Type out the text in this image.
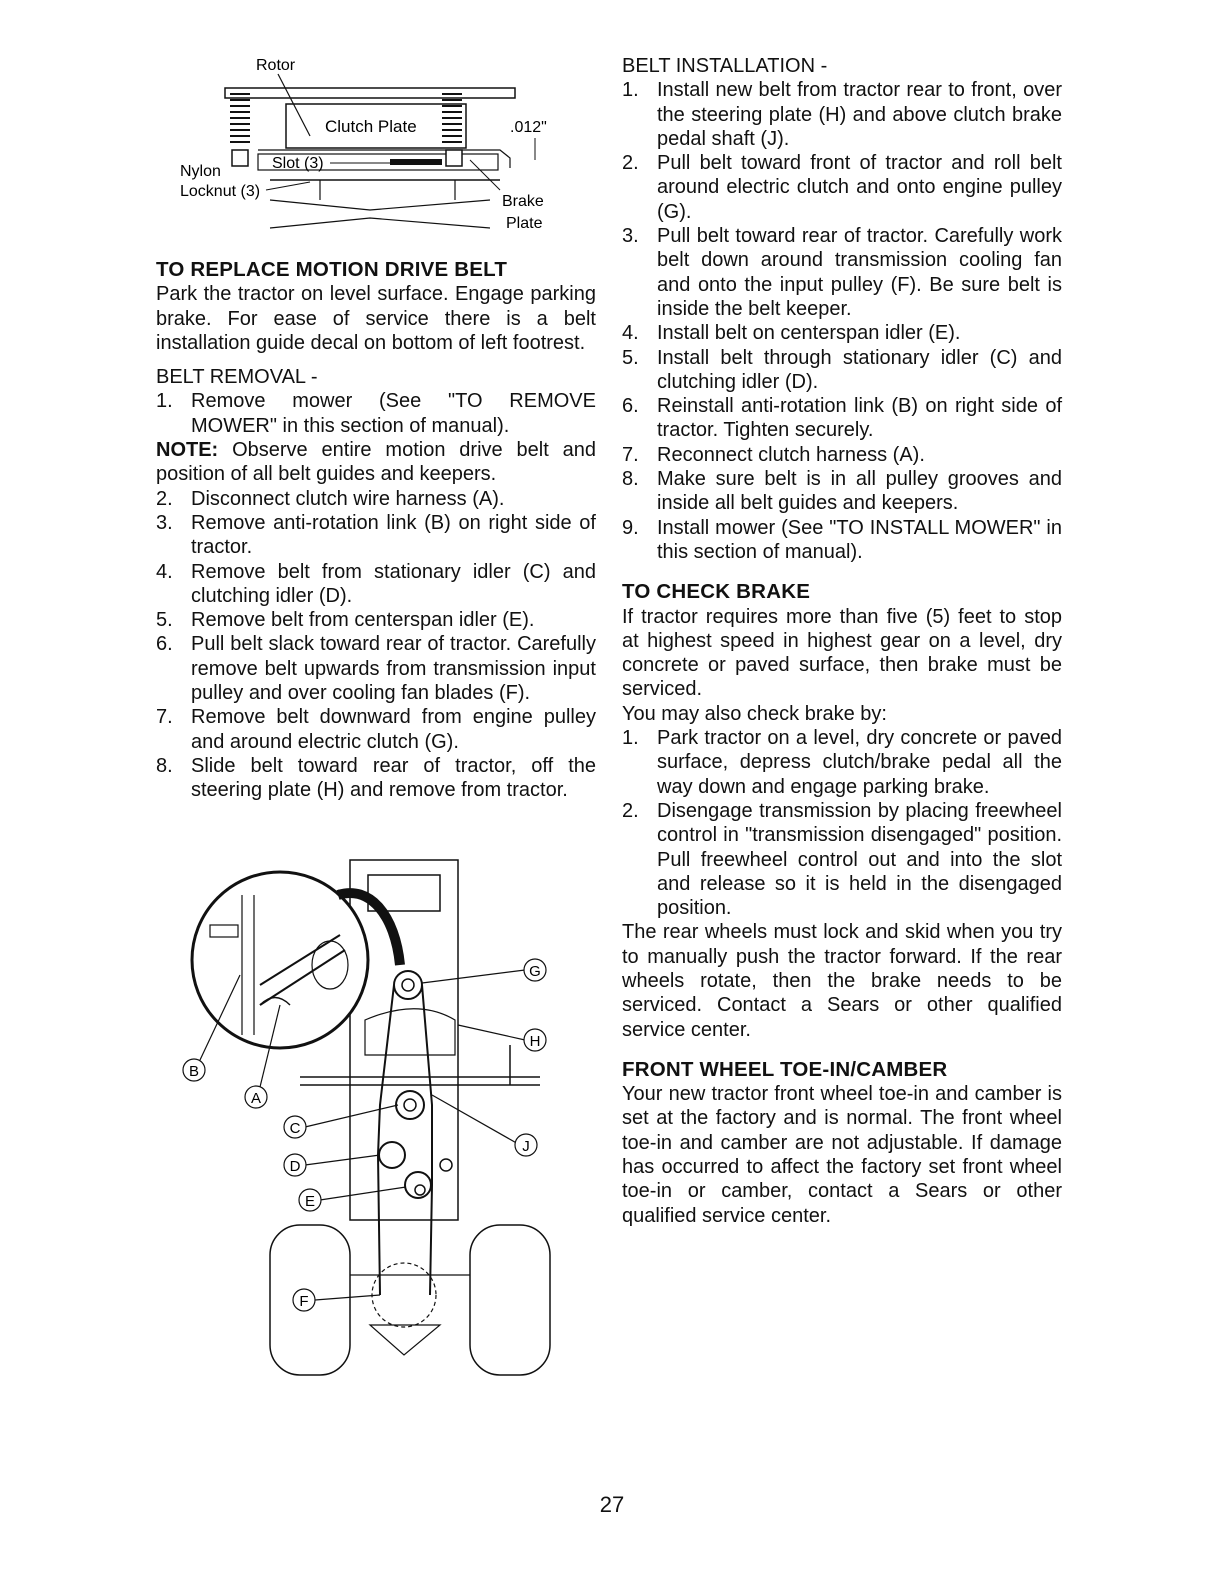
Rotor
Clutch Plate	.012"
Slot (3)
Nylon
Locknut (3)
Brake
Plate
TO REPLACE MOTION DRIVE BELT

Park the tractor on level surface. Engage parking brake. For ease of service there is a belt installation guide decal on bottom of left footrest.

BELT REMOVAL -

1. Remove mower (See "TO REMOVE MOWER" in this section of manual).

NOTE: Observe entire motion drive belt and position of all belt guides and keepers.

2. Disconnect clutch wire harness (A).
3. Remove anti-rotation link (B) on right side of tractor.
4. Remove belt from stationary idler (C) and clutching idler (D).
5. Remove belt from centerspan idler (E).
6. Pull belt slack toward rear of tractor. Carefully remove belt upwards from transmission input pulley and over cooling fan blades (F).
7. Remove belt downward from engine pulley and around electric clutch (G).
8. Slide belt toward rear of tractor, off the steering plate (H) and remove from tractor.
G
H
B
A
C
J
D
E
F

BELT INSTALLATION -

1. Install new belt from tractor rear to front, over the steering plate (H) and above clutch brake pedal shaft (J).
2. Pull belt toward front of tractor and roll belt around electric clutch and onto engine pulley (G).
3. Pull belt toward rear of tractor. Carefully work belt down around transmission cooling fan and onto the input pulley (F). Be sure belt is inside the belt keeper.
4. Install belt on centerspan idler (E).
5. Install belt through stationary idler (C) and clutching idler (D).
6. Reinstall anti-rotation link (B) on right side of tractor. Tighten securely.
7. Reconnect clutch harness (A).
8. Make sure belt is in all pulley grooves and inside all belt guides and keepers.
9. Install mower (See "TO INSTALL MOWER" in this section of manual).
TO CHECK BRAKE

If tractor requires more than five (5) feet to stop at highest speed in highest gear on a level, dry concrete or paved surface, then brake must be serviced.

You may also check brake by:

1. Park tractor on a level, dry concrete or paved surface, depress clutch/brake pedal all the way down and engage parking brake.
2. Disengage transmission by placing freewheel control in "transmission disengaged" position. Pull freewheel control out and into the slot and release so it is held in the disengaged position.

The rear wheels must lock and skid when you try to manually push the tractor forward. If the rear wheels rotate, then the brake needs to be serviced. Contact a Sears or other qualified service center.

FRONT WHEEL TOE-IN/CAMBER

Your new tractor front wheel toe-in and camber is set at the factory and is normal. The front wheel toe-in and camber are not adjustable. If damage has occurred to affect the factory set front wheel toe-in or camber, contact a Sears or other qualified service center.

27
